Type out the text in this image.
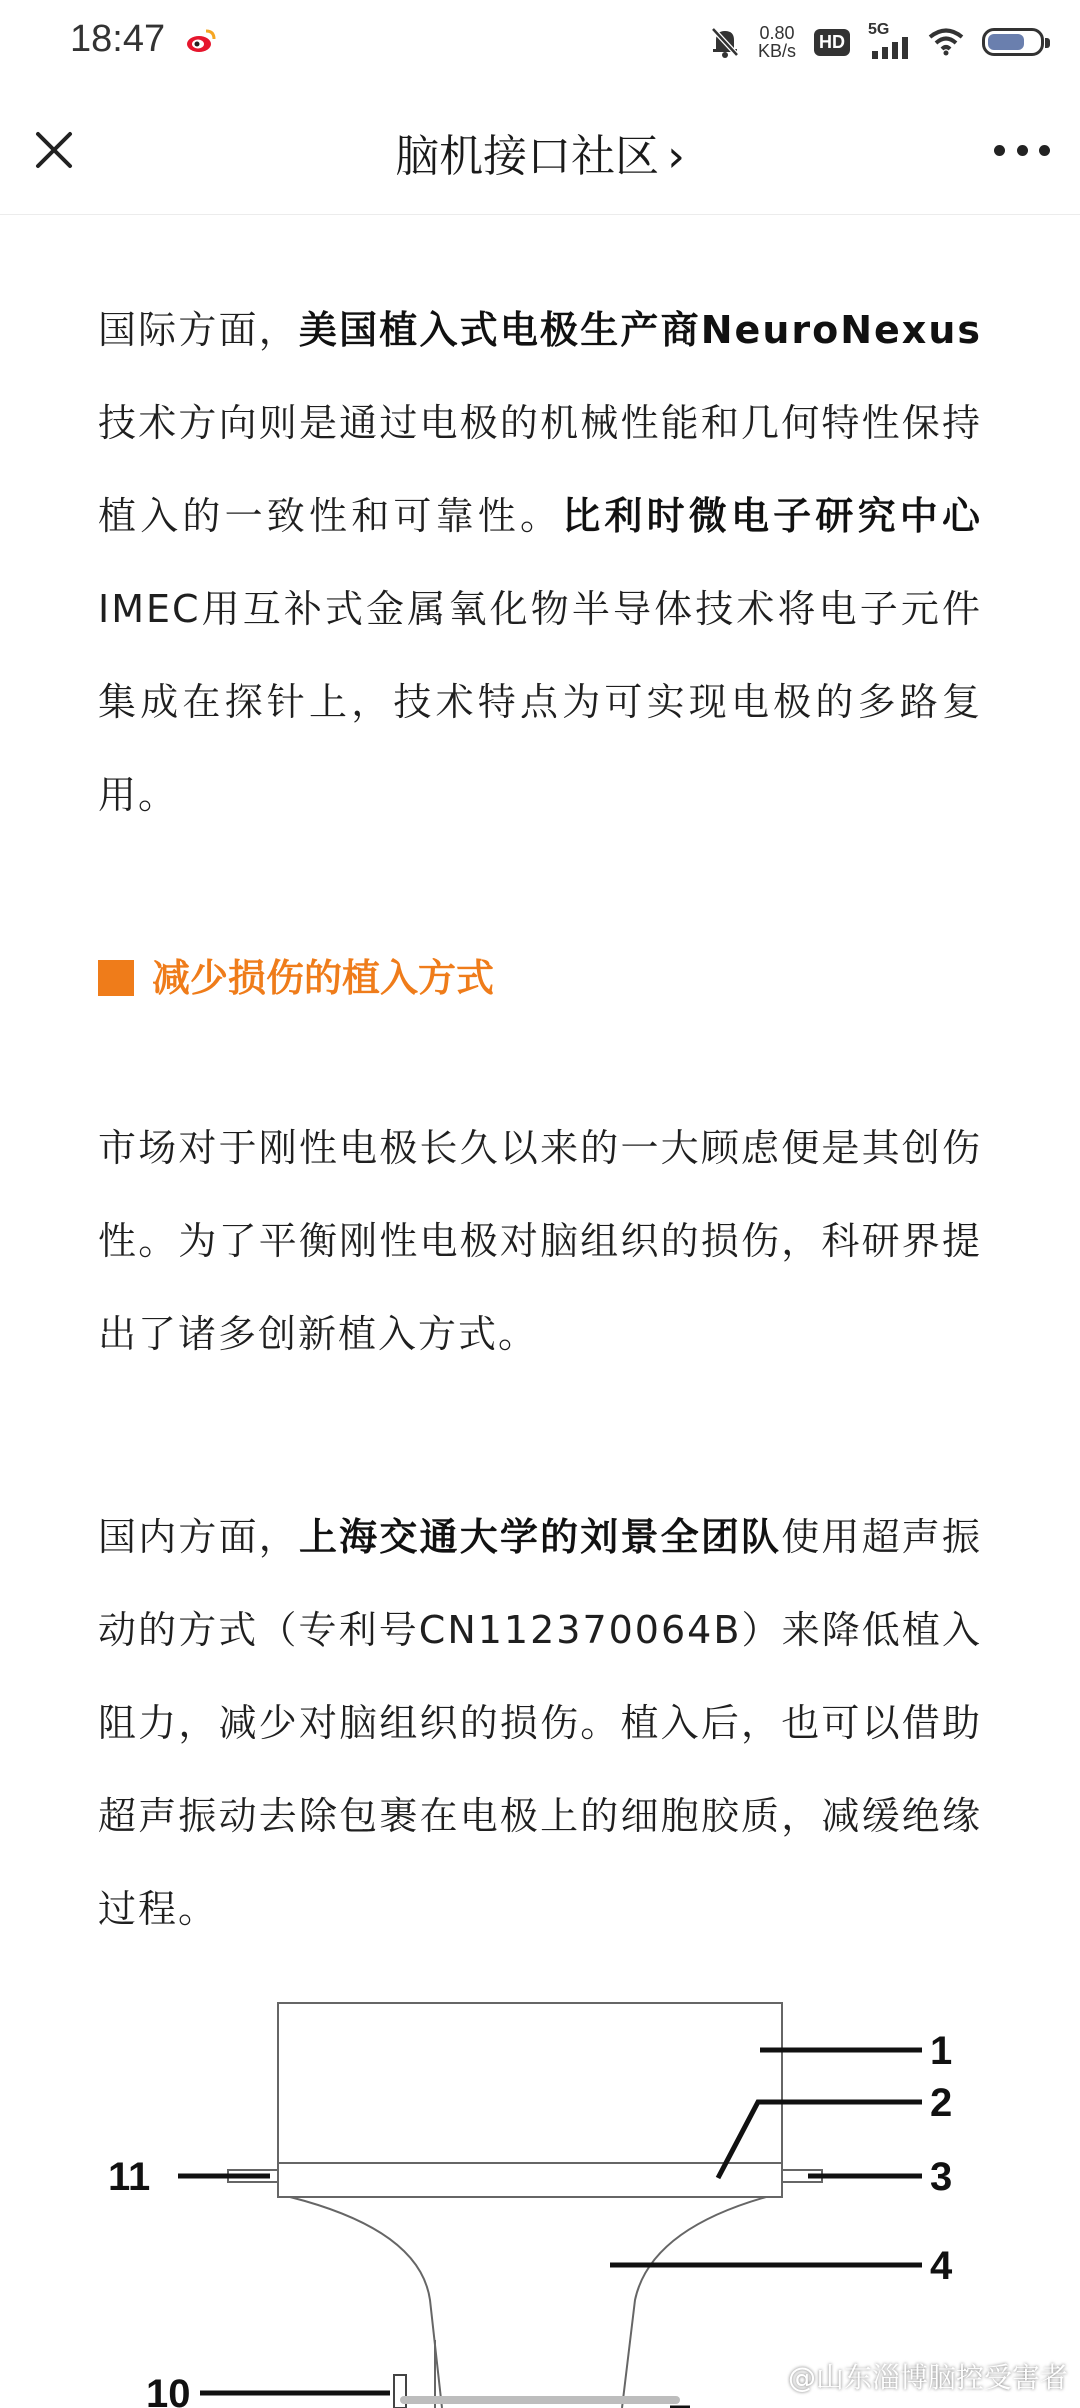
18:47	0.80
KB/s HD
5G
脑机接口社区 ›

国际方面，美国植入式电极生产商NeuroNexus技术方向则是通过电极的机械性能和几何特性保持植入的一致性和可靠性。比利时微电子研究中心IMEC用互补式金属氧化物半导体技术将电子元件集成在探针上，技术特点为可实现电极的多路复用。

减少损伤的植入方式

市场对于刚性电极长久以来的一大顾虑便是其创伤性。为了平衡刚性电极对脑组织的损伤，科研界提出了诸多创新植入方式。

国内方面，上海交通大学的刘景全团队使用超声振动的方式（专利号CN112370064B）来降低植入阻力，减少对脑组织的损伤。植入后，也可以借助超声振动去除包裹在电极上的细胞胶质，减缓绝缘过程。

1
2
3
4
10
11
@山东淄博脑控受害者
